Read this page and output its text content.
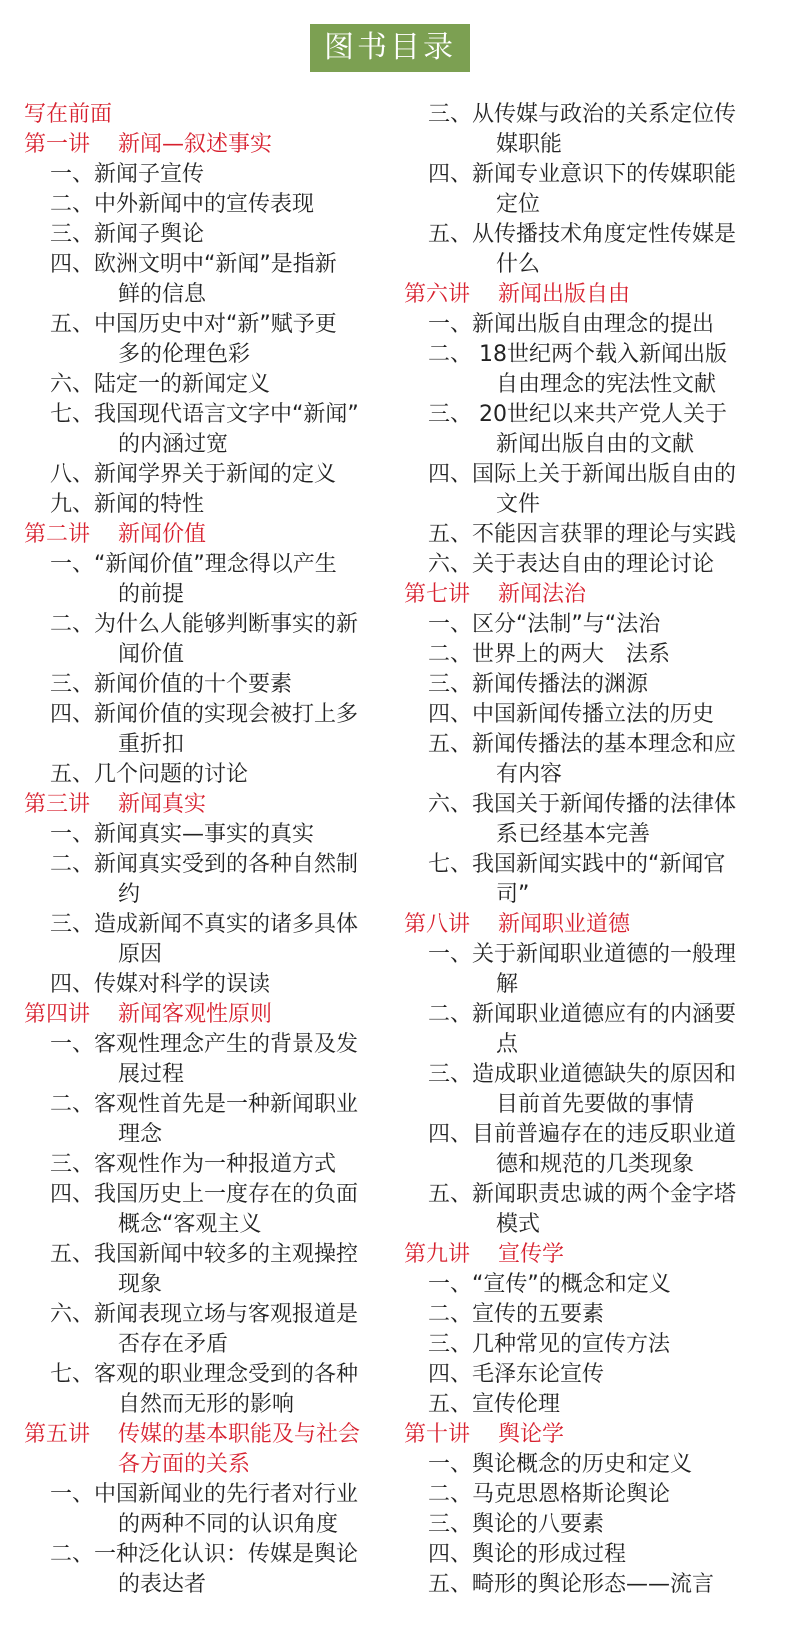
图书目录
写在前面
第一讲 新闻—叙述事实
一、新闻子宣传
二、中外新闻中的宣传表现
三、新闻子舆论
四、欧洲文明中“新闻”是指新
鲜的信息
五、中国历史中对“新”赋予更
多的伦理色彩
六、陆定一的新闻定义
七、我国现代语言文字中“新闻”
的内涵过宽
八、新闻学界关于新闻的定义
九、新闻的特性
第二讲 新闻价值
一、“新闻价值”理念得以产生
的前提
二、为什么人能够判断事实的新
闻价值
三、新闻价值的十个要素
四、新闻价值的实现会被打上多
重折扣
五、几个问题的讨论
第三讲 新闻真实
一、新闻真实—事实的真实
二、新闻真实受到的各种自然制
约
三、造成新闻不真实的诸多具体
原因
四、传媒对科学的误读
第四讲 新闻客观性原则
一、客观性理念产生的背景及发
展过程
二、客观性首先是一种新闻职业
理念
三、客观性作为一种报道方式
四、我国历史上一度存在的负面
概念“客观主义
五、我国新闻中较多的主观操控
现象
六、新闻表现立场与客观报道是
否存在矛盾
七、客观的职业理念受到的各种
自然而无形的影响
第五讲 传媒的基本职能及与社会
各方面的关系
一、中国新闻业的先行者对行业
的两种不同的认识角度
二、一种泛化认识：传媒是舆论
的表达者
三、从传媒与政治的关系定位传
媒职能
四、新闻专业意识下的传媒职能
定位
五、从传播技术角度定性传媒是
什么
第六讲 新闻出版自由
一、新闻出版自由理念的提出
二、 18世纪两个载入新闻出版
自由理念的宪法性文献
三、 20世纪以来共产党人关于
新闻出版自由的文献
四、国际上关于新闻出版自由的
文件
五、不能因言获罪的理论与实践
六、关于表达自由的理论讨论
第七讲 新闻法治
一、区分“法制”与“法治
二、世界上的两大　法系
三、新闻传播法的渊源
四、中国新闻传播立法的历史
五、新闻传播法的基本理念和应
有内容
六、我国关于新闻传播的法律体
系已经基本完善
七、我国新闻实践中的“新闻官
司”
第八讲 新闻职业道德
一、关于新闻职业道德的一般理
解
二、新闻职业道德应有的内涵要
点
三、造成职业道德缺失的原因和
目前首先要做的事情
四、目前普遍存在的违反职业道
德和规范的几类现象
五、新闻职责忠诚的两个金字塔
模式
第九讲 宣传学
一、“宣传”的概念和定义
二、宣传的五要素
三、几种常见的宣传方法
四、毛泽东论宣传
五、宣传伦理
第十讲 舆论学
一、舆论概念的历史和定义
二、马克思恩格斯论舆论
三、舆论的八要素
四、舆论的形成过程
五、畸形的舆论形态——流言
